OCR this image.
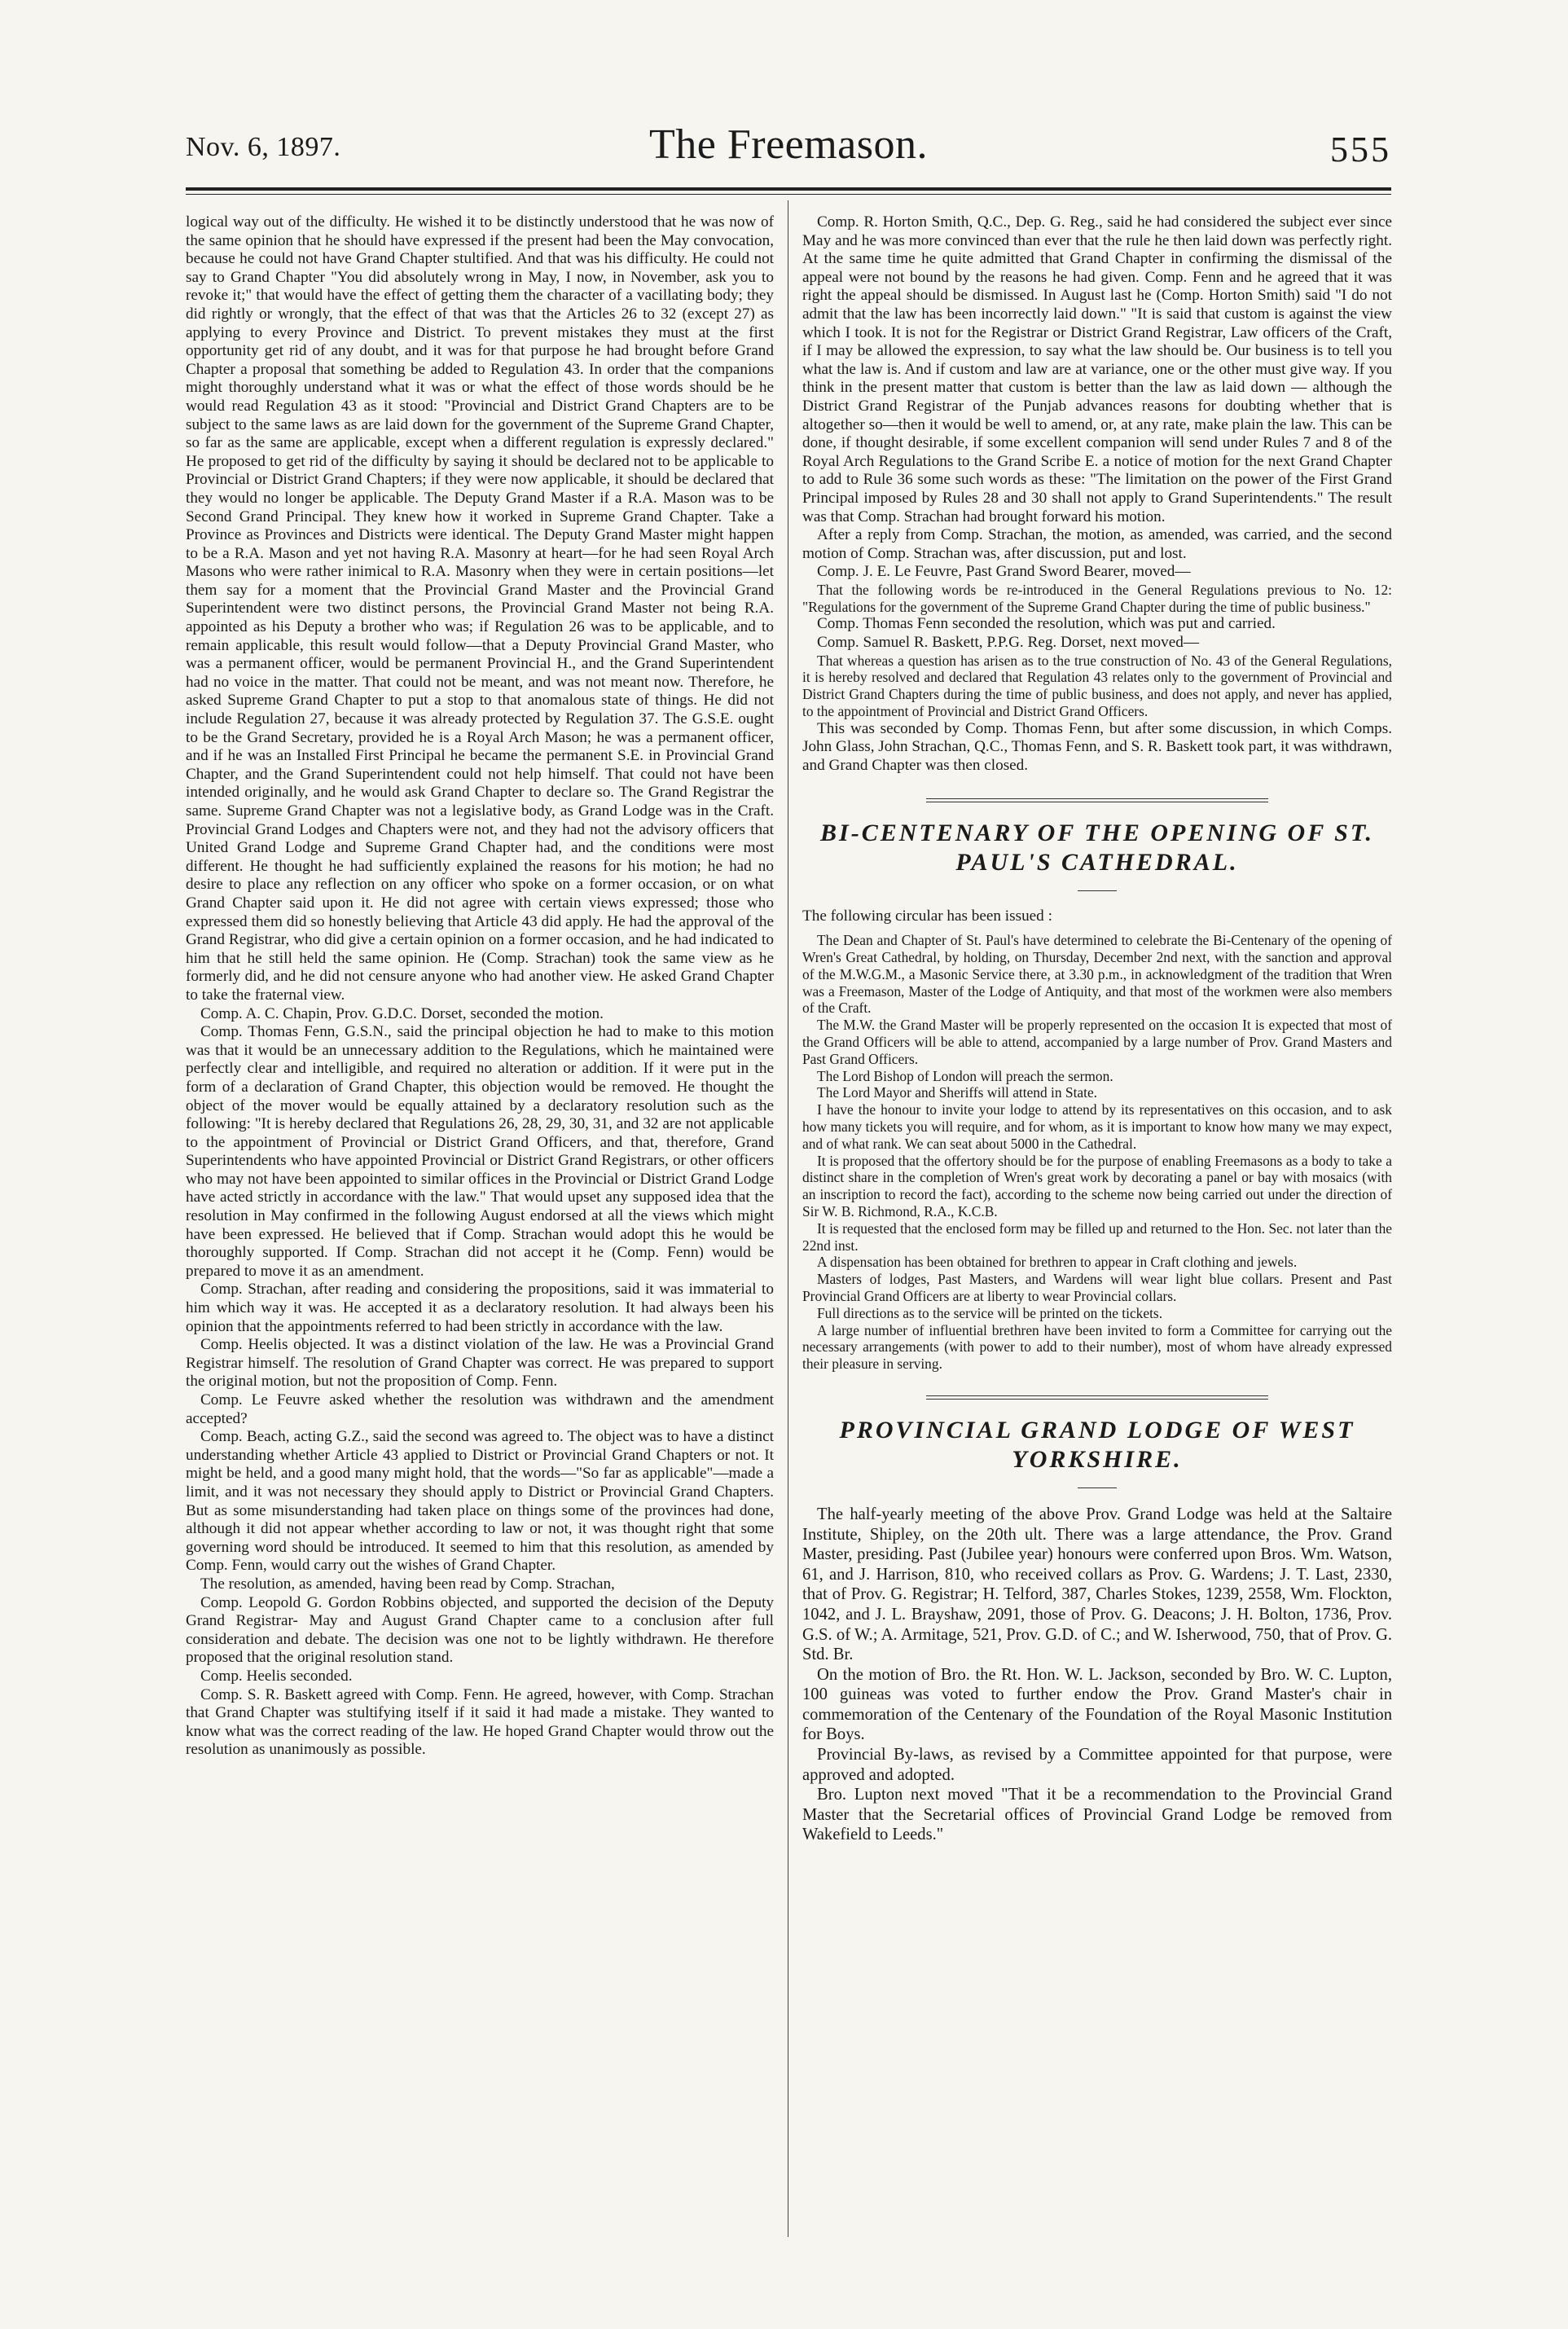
Nov. 6, 1897.	The Freemason.	555

logical way out of the difficulty. He wished it to be distinctly understood that he was now of the same opinion that he should have expressed if the present had been the May convocation, because he could not have Grand Chapter stultified. And that was his difficulty. He could not say to Grand Chapter "You did absolutely wrong in May, I now, in November, ask you to revoke it;" that would have the effect of getting them the character of a vacillating body; they did rightly or wrongly, that the effect of that was that the Articles 26 to 32 (except 27) as applying to every Province and District. To prevent mistakes they must at the first opportunity get rid of any doubt, and it was for that purpose he had brought before Grand Chapter a proposal that something be added to Regulation 43. In order that the companions might thoroughly understand what it was or what the effect of those words should be he would read Regulation 43 as it stood: "Provincial and District Grand Chapters are to be subject to the same laws as are laid down for the government of the Supreme Grand Chapter, so far as the same are applicable, except when a different regulation is expressly declared." He proposed to get rid of the difficulty by saying it should be declared not to be applicable to Provincial or District Grand Chapters; if they were now applicable, it should be declared that they would no longer be applicable. The Deputy Grand Master if a R.A. Mason was to be Second Grand Principal. They knew how it worked in Supreme Grand Chapter. Take a Province as Provinces and Districts were identical. The Deputy Grand Master might happen to be a R.A. Mason and yet not having R.A. Masonry at heart—for he had seen Royal Arch Masons who were rather inimical to R.A. Masonry when they were in certain positions—let them say for a moment that the Provincial Grand Master and the Provincial Grand Superintendent were two distinct persons, the Provincial Grand Master not being R.A. appointed as his Deputy a brother who was; if Regulation 26 was to be applicable, and to remain applicable, this result would follow—that a Deputy Provincial Grand Master, who was a permanent officer, would be permanent Provincial H., and the Grand Superintendent had no voice in the matter. That could not be meant, and was not meant now. Therefore, he asked Supreme Grand Chapter to put a stop to that anomalous state of things. He did not include Regulation 27, because it was already protected by Regulation 37. The G.S.E. ought to be the Grand Secretary, provided he is a Royal Arch Mason; he was a permanent officer, and if he was an Installed First Principal he became the permanent S.E. in Provincial Grand Chapter, and the Grand Superintendent could not help himself. That could not have been intended originally, and he would ask Grand Chapter to declare so. The Grand Registrar the same. Supreme Grand Chapter was not a legislative body, as Grand Lodge was in the Craft. Provincial Grand Lodges and Chapters were not, and they had not the advisory officers that United Grand Lodge and Supreme Grand Chapter had, and the conditions were most different. He thought he had sufficiently explained the reasons for his motion; he had no desire to place any reflection on any officer who spoke on a former occasion, or on what Grand Chapter said upon it. He did not agree with certain views expressed; those who expressed them did so honestly believing that Article 43 did apply. He had the approval of the Grand Registrar, who did give a certain opinion on a former occasion, and he had indicated to him that he still held the same opinion. He (Comp. Strachan) took the same view as he formerly did, and he did not censure anyone who had another view. He asked Grand Chapter to take the fraternal view.

Comp. A. C. Chapin, Prov. G.D.C. Dorset, seconded the motion.

Comp. Thomas Fenn, G.S.N., said the principal objection he had to make to this motion was that it would be an unnecessary addition to the Regulations, which he maintained were perfectly clear and intelligible, and required no alteration or addition. If it were put in the form of a declaration of Grand Chapter, this objection would be removed. He thought the object of the mover would be equally attained by a declaratory resolution such as the following: "It is hereby declared that Regulations 26, 28, 29, 30, 31, and 32 are not applicable to the appointment of Provincial or District Grand Officers, and that, therefore, Grand Superintendents who have appointed Provincial or District Grand Registrars, or other officers who may not have been appointed to similar offices in the Provincial or District Grand Lodge have acted strictly in accordance with the law." That would upset any supposed idea that the resolution in May confirmed in the following August endorsed at all the views which might have been expressed. He believed that if Comp. Strachan would adopt this he would be thoroughly supported. If Comp. Strachan did not accept it he (Comp. Fenn) would be prepared to move it as an amendment.

Comp. Strachan, after reading and considering the propositions, said it was immaterial to him which way it was. He accepted it as a declaratory resolution. It had always been his opinion that the appointments referred to had been strictly in accordance with the law.

Comp. Heelis objected. It was a distinct violation of the law. He was a Provincial Grand Registrar himself. The resolution of Grand Chapter was correct. He was prepared to support the original motion, but not the proposition of Comp. Fenn.

Comp. Le Feuvre asked whether the resolution was withdrawn and the amendment accepted?

Comp. Beach, acting G.Z., said the second was agreed to. The object was to have a distinct understanding whether Article 43 applied to District or Provincial Grand Chapters or not. It might be held, and a good many might hold, that the words—"So far as applicable"—made a limit, and it was not necessary they should apply to District or Provincial Grand Chapters. But as some misunderstanding had taken place on things some of the provinces had done, although it did not appear whether according to law or not, it was thought right that some governing word should be introduced. It seemed to him that this resolution, as amended by Comp. Fenn, would carry out the wishes of Grand Chapter.

The resolution, as amended, having been read by Comp. Strachan,

Comp. Leopold G. Gordon Robbins objected, and supported the decision of the Deputy Grand Registrar- May and August Grand Chapter came to a conclusion after full consideration and debate. The decision was one not to be lightly withdrawn. He therefore proposed that the original resolution stand.

Comp. Heelis seconded.

Comp. S. R. Baskett agreed with Comp. Fenn. He agreed, however, with Comp. Strachan that Grand Chapter was stultifying itself if it said it had made a mistake. They wanted to know what was the correct reading of the law. He hoped Grand Chapter would throw out the resolution as unanimously as possible.

Comp. R. Horton Smith, Q.C., Dep. G. Reg., said he had considered the subject ever since May and he was more convinced than ever that the rule he then laid down was perfectly right. At the same time he quite admitted that Grand Chapter in confirming the dismissal of the appeal were not bound by the reasons he had given. Comp. Fenn and he agreed that it was right the appeal should be dismissed. In August last he (Comp. Horton Smith) said "I do not admit that the law has been incorrectly laid down." "It is said that custom is against the view which I took. It is not for the Registrar or District Grand Registrar, Law officers of the Craft, if I may be allowed the expression, to say what the law should be. Our business is to tell you what the law is. And if custom and law are at variance, one or the other must give way. If you think in the present matter that custom is better than the law as laid down — although the District Grand Registrar of the Punjab advances reasons for doubting whether that is altogether so—then it would be well to amend, or, at any rate, make plain the law. This can be done, if thought desirable, if some excellent companion will send under Rules 7 and 8 of the Royal Arch Regulations to the Grand Scribe E. a notice of motion for the next Grand Chapter to add to Rule 36 some such words as these: "The limitation on the power of the First Grand Principal imposed by Rules 28 and 30 shall not apply to Grand Superintendents." The result was that Comp. Strachan had brought forward his motion.

After a reply from Comp. Strachan, the motion, as amended, was carried, and the second motion of Comp. Strachan was, after discussion, put and lost.

Comp. J. E. Le Feuvre, Past Grand Sword Bearer, moved—

That the following words be re-introduced in the General Regulations previous to No. 12: "Regulations for the government of the Supreme Grand Chapter during the time of public business."

Comp. Thomas Fenn seconded the resolution, which was put and carried.

Comp. Samuel R. Baskett, P.P.G. Reg. Dorset, next moved—

That whereas a question has arisen as to the true construction of No. 43 of the General Regulations, it is hereby resolved and declared that Regulation 43 relates only to the government of Provincial and District Grand Chapters during the time of public business, and does not apply, and never has applied, to the appointment of Provincial and District Grand Officers.

This was seconded by Comp. Thomas Fenn, but after some discussion, in which Comps. John Glass, John Strachan, Q.C., Thomas Fenn, and S. R. Baskett took part, it was withdrawn, and Grand Chapter was then closed.

BI-CENTENARY OF THE OPENING OF ST. PAUL'S CATHEDRAL.

The following circular has been issued :

The Dean and Chapter of St. Paul's have determined to celebrate the Bi-Centenary of the opening of Wren's Great Cathedral, by holding, on Thursday, December 2nd next, with the sanction and approval of the M.W.G.M., a Masonic Service there, at 3.30 p.m., in acknowledgment of the tradition that Wren was a Freemason, Master of the Lodge of Antiquity, and that most of the workmen were also members of the Craft.

The M.W. the Grand Master will be properly represented on the occasion It is expected that most of the Grand Officers will be able to attend, accompanied by a large number of Prov. Grand Masters and Past Grand Officers.

The Lord Bishop of London will preach the sermon.

The Lord Mayor and Sheriffs will attend in State.

I have the honour to invite your lodge to attend by its representatives on this occasion, and to ask how many tickets you will require, and for whom, as it is important to know how many we may expect, and of what rank. We can seat about 5000 in the Cathedral.

It is proposed that the offertory should be for the purpose of enabling Freemasons as a body to take a distinct share in the completion of Wren's great work by decorating a panel or bay with mosaics (with an inscription to record the fact), according to the scheme now being carried out under the direction of Sir W. B. Richmond, R.A., K.C.B.

It is requested that the enclosed form may be filled up and returned to the Hon. Sec. not later than the 22nd inst.

A dispensation has been obtained for brethren to appear in Craft clothing and jewels.

Masters of lodges, Past Masters, and Wardens will wear light blue collars. Present and Past Provincial Grand Officers are at liberty to wear Provincial collars.

Full directions as to the service will be printed on the tickets.

A large number of influential brethren have been invited to form a Committee for carrying out the necessary arrangements (with power to add to their number), most of whom have already expressed their pleasure in serving.

PROVINCIAL GRAND LODGE OF WEST YORKSHIRE.

The half-yearly meeting of the above Prov. Grand Lodge was held at the Saltaire Institute, Shipley, on the 20th ult. There was a large attendance, the Prov. Grand Master, presiding. Past (Jubilee year) honours were conferred upon Bros. Wm. Watson, 61, and J. Harrison, 810, who received collars as Prov. G. Wardens; J. T. Last, 2330, that of Prov. G. Registrar; H. Telford, 387, Charles Stokes, 1239, 2558, Wm. Flockton, 1042, and J. L. Brayshaw, 2091, those of Prov. G. Deacons; J. H. Bolton, 1736, Prov. G.S. of W.; A. Armitage, 521, Prov. G.D. of C.; and W. Isherwood, 750, that of Prov. G. Std. Br.

On the motion of Bro. the Rt. Hon. W. L. Jackson, seconded by Bro. W. C. Lupton, 100 guineas was voted to further endow the Prov. Grand Master's chair in commemoration of the Centenary of the Foundation of the Royal Masonic Institution for Boys.

Provincial By-laws, as revised by a Committee appointed for that purpose, were approved and adopted.

Bro. Lupton next moved "That it be a recommendation to the Provincial Grand Master that the Secretarial offices of Provincial Grand Lodge be removed from Wakefield to Leeds."
